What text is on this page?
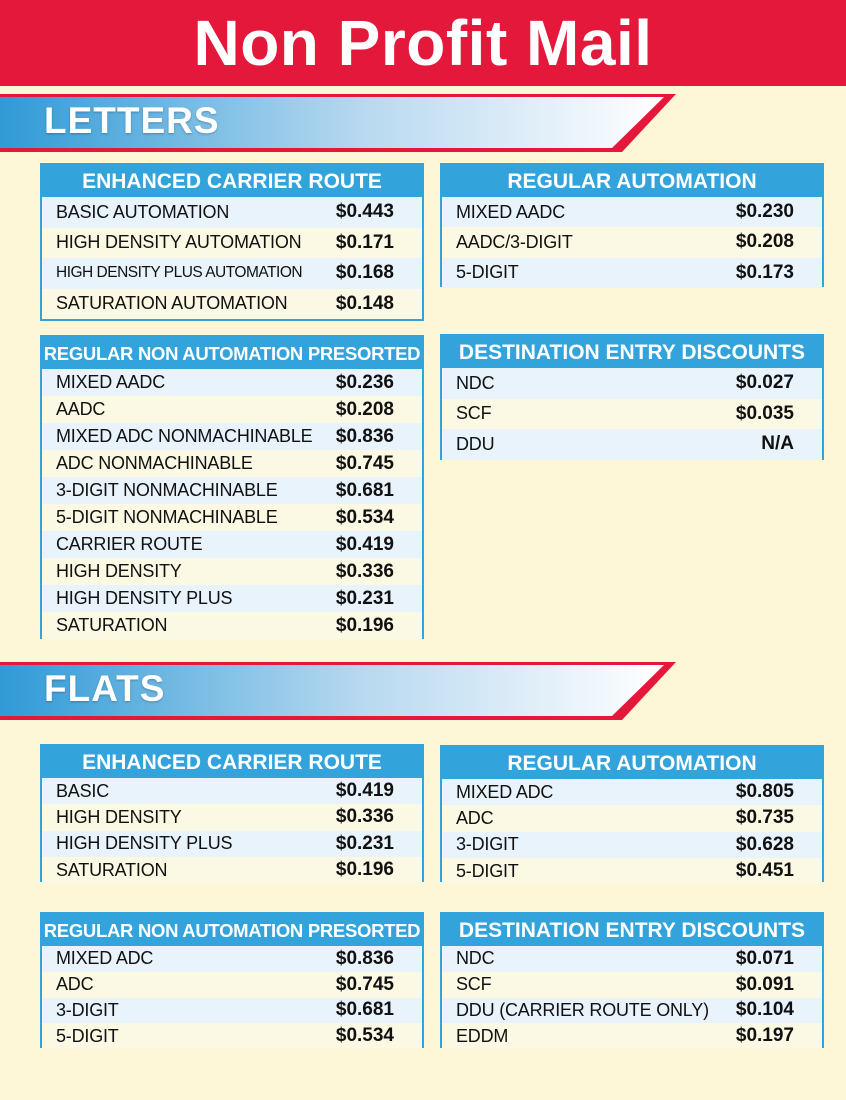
Non Profit Mail
LETTERS
ENHANCED CARRIER ROUTE
BASIC AUTOMATION	$0.443
HIGH DENSITY AUTOMATION $0.171
HIGH DENSITY PLUS AUTOMATION $0.168
SATURATION AUTOMATION	$0.148
REGULAR AUTOMATION
MIXED AADC	$0.230
AADC/3-DIGIT	$0.208
5-DIGIT	$0.173
REGULAR NON AUTOMATION PRESORTED
MIXED AADC	$0.236
AADC	$0.208
MIXED ADC NONMACHINABLE $0.836
ADC NONMACHINABLE	$0.745
3-DIGIT NONMACHINABLE	$0.681
5-DIGIT NONMACHINABLE	$0.534
CARRIER ROUTE	$0.419
HIGH DENSITY	$0.336
HIGH DENSITY PLUS	$0.231
SATURATION	$0.196
DESTINATION ENTRY DISCOUNTS
NDC	$0.027
SCF	$0.035
DDU	N/A
FLATS
ENHANCED CARRIER ROUTE
BASIC	$0.419
HIGH DENSITY	$0.336
HIGH DENSITY PLUS	$0.231
SATURATION	$0.196
REGULAR AUTOMATION
MIXED ADC	$0.805
ADC	$0.735
3-DIGIT	$0.628
5-DIGIT	$0.451
REGULAR NON AUTOMATION PRESORTED
MIXED ADC	$0.836
ADC	$0.745
3-DIGIT	$0.681
5-DIGIT	$0.534
DESTINATION ENTRY DISCOUNTS
NDC	$0.071
SCF	$0.091
DDU (CARRIER ROUTE ONLY) $0.104
EDDM	$0.197
